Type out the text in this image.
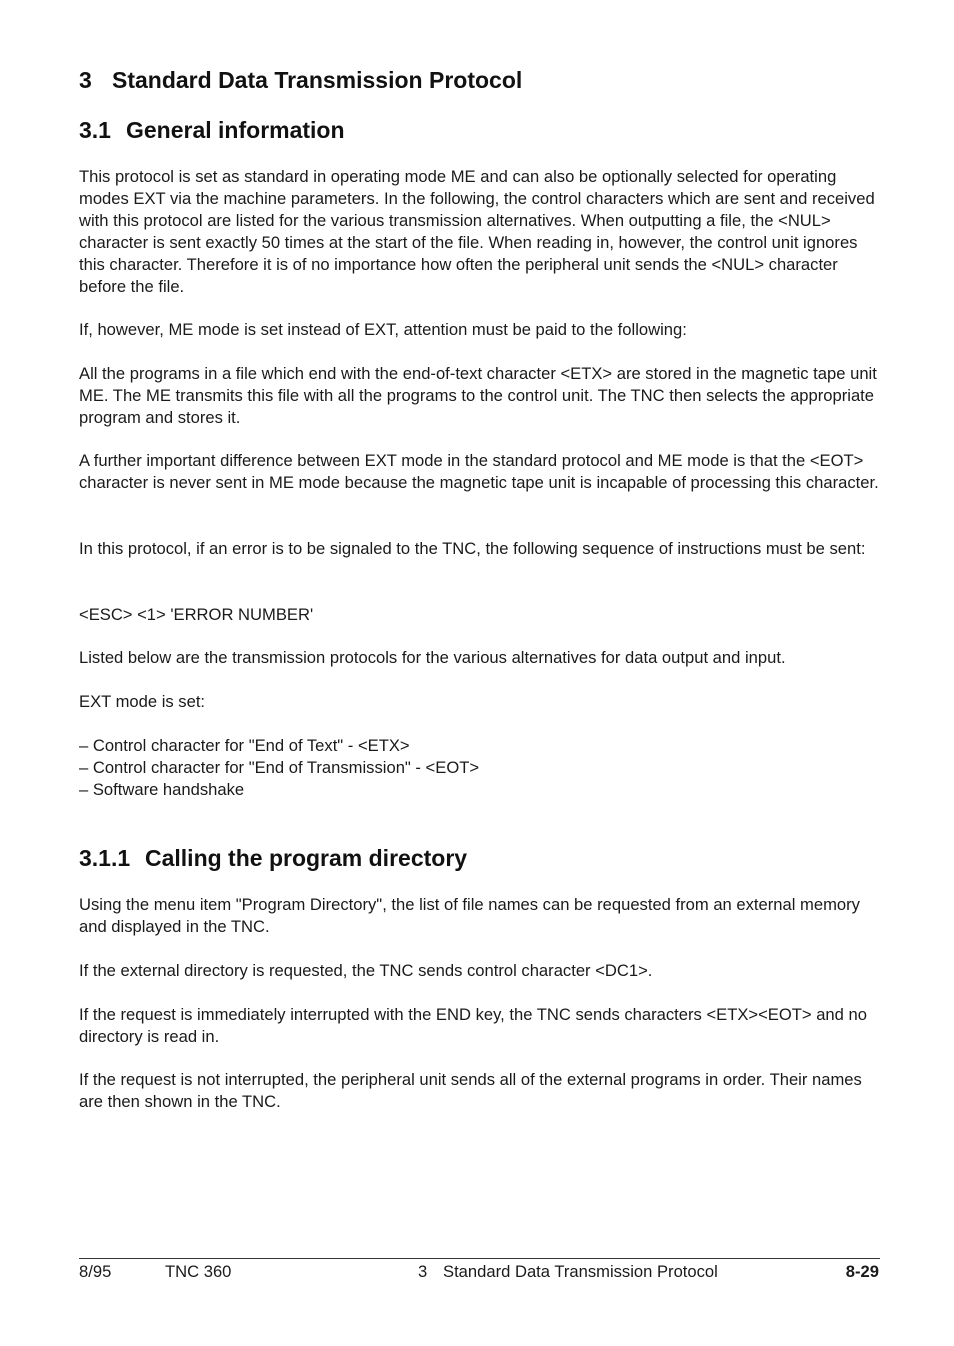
3 Standard Data Transmission Protocol
3.1 General information

This protocol is set as standard in operating mode ME and can also be optionally selected for operating modes EXT via the machine parameters. In the following, the control characters which are sent and received with this protocol are listed for the various transmission alternatives. When outputting a file, the <NUL> character is sent exactly 50 times at the start of the file. When reading in, however, the control unit ignores this character. Therefore it is of no importance how often the peripheral unit sends the <NUL> character before the file.

If, however, ME mode is set instead of EXT, attention must be paid to the following:

All the programs in a file which end with the end-of-text character <ETX> are stored in the magnetic tape unit ME. The ME transmits this file with all the programs to the control unit. The TNC then selects the appropriate program and stores it.

A further important difference between EXT mode in the standard protocol and ME mode is that the <EOT> character is never sent in ME mode because the magnetic tape unit is incapable of processing this character.

In this protocol, if an error is to be signaled to the TNC, the following sequence of instructions must be sent:

<ESC> <1> 'ERROR NUMBER'

Listed below are the transmission protocols for the various alternatives for data output and input.

EXT mode is set:

– Control character for "End of Text" - <ETX>
– Control character for "End of Transmission" - <EOT>
– Software handshake
3.1.1 Calling the program directory

Using the menu item "Program Directory", the list of file names can be requested from an external memory and displayed in the TNC.

If the external directory is requested, the TNC sends control character <DC1>.

If the request is immediately interrupted with the END key, the TNC sends characters <ETX><EOT> and no directory is read in.

If the request is not interrupted, the peripheral unit sends all of the external programs in order. Their names are then shown in the TNC.

8/95	TNC 360	3 Standard Data Transmission Protocol	8-29
